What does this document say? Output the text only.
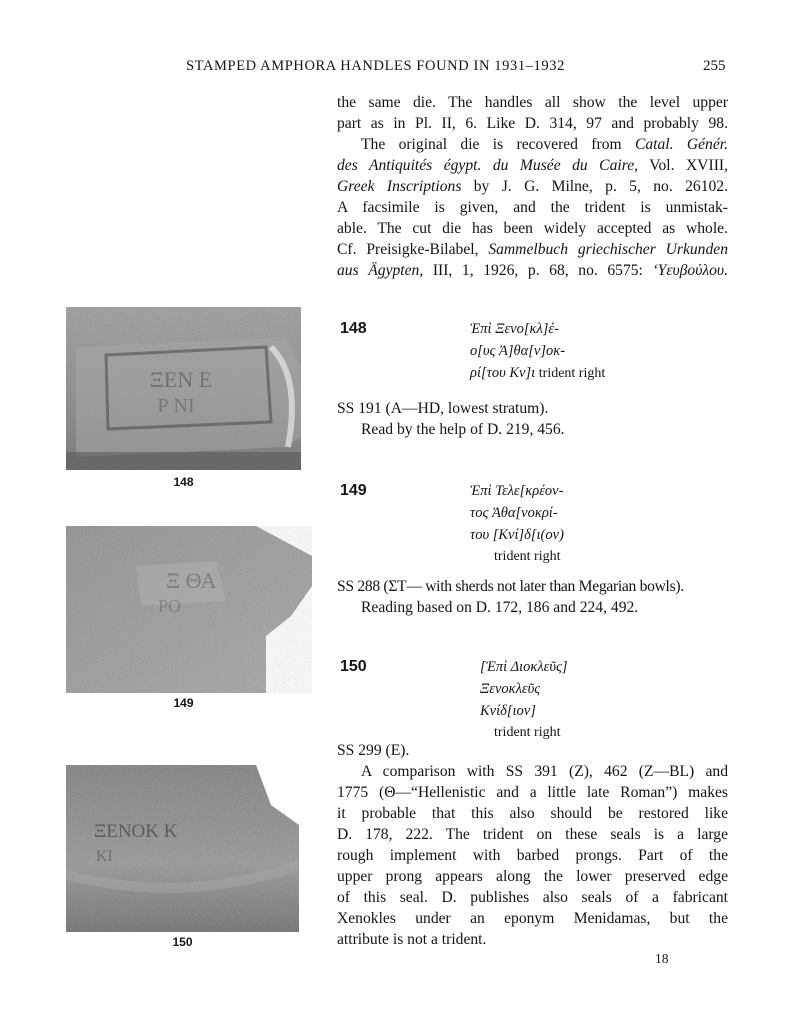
STAMPED AMPHORA HANDLES FOUND IN 1931–1932	255
the same die. The handles all show the level upper
part as in Pl. II, 6. Like D. 314, 97 and probably 98.
The original die is recovered from Catal. Génér.
des Antiquités égypt. du Musée du Caire, Vol. XVIII,
Greek Inscriptions by J. G. Milne, p. 5, no. 26102.
A facsimile is given, and the trident is unmistak-
able. The cut die has been widely accepted as whole.
Cf. Preisigke-Bilabel, Sammelbuch griechischer Urkunden
aus Ägypten, III, 1, 1926, p. 68, no. 6575: ‘Υευβούλου.
ΞΕΝ Ε
Ρ ΝΙ
148
Ξ ΘΑ
ΡΟ
149
ΞΕΝΟΚ Κ
ΚΙ
150
148	Ἐπὶ Ξενο[κλ]έ-
ο[υς Ἀ]θα[ν]οκ-
ρί[του Κν]ι trident right
SS 191 (A—HD, lowest stratum).
Read by the help of D. 219, 456.
149	Ἐπὶ Τελε[κρέον-
τος Ἀθα[νοκρί-
του [Κνί]δ[ι(ον)
trident right
SS 288 (ΣΤ— with sherds not later than Megarian bowls).
Reading based on D. 172, 186 and 224, 492.
150	[Ἐπὶ Διοκλεῦς]
Ξενοκλεῦς
Κνίδ[ιον]
trident right
SS 299 (E).
A comparison with SS 391 (Z), 462 (Z—BL) and
1775 (Θ—“Hellenistic and a little late Roman”) makes
it probable that this also should be restored like
D. 178, 222. The trident on these seals is a large
rough implement with barbed prongs. Part of the
upper prong appears along the lower preserved edge
of this seal. D. publishes also seals of a fabricant
Xenokles under an eponym Menidamas, but the
attribute is not a trident.
18
